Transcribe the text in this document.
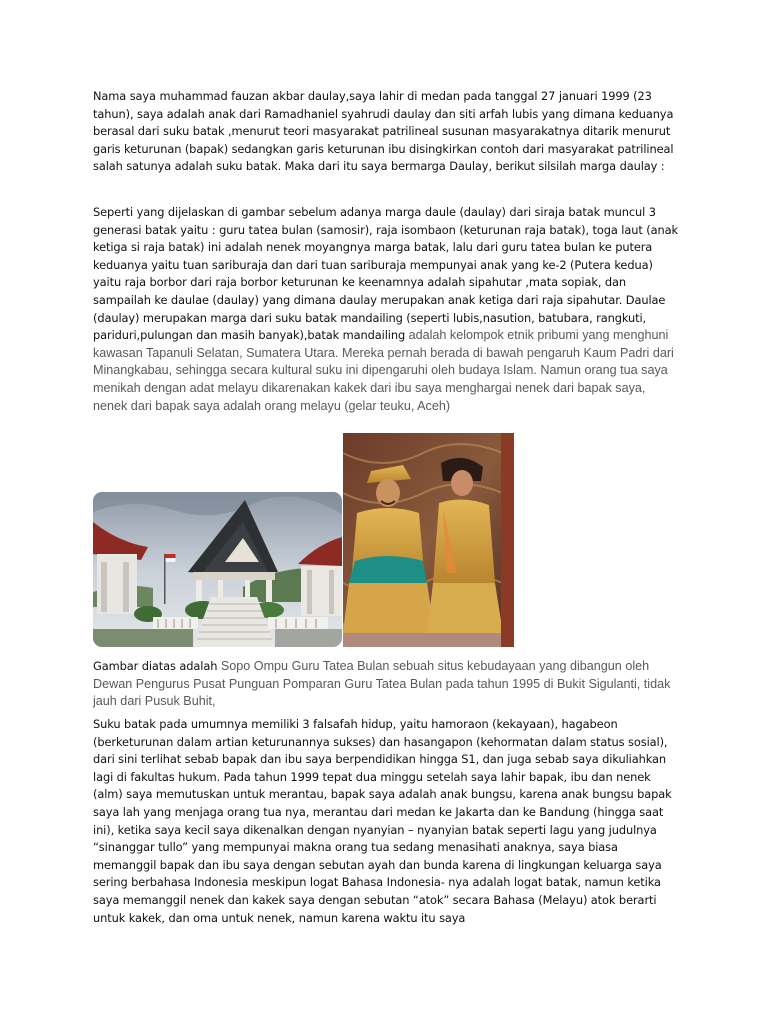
Nama saya muhammad fauzan akbar daulay,saya lahir di medan pada tanggal 27 januari 1999 (23 tahun), saya adalah anak dari Ramadhaniel syahrudi daulay dan siti arfah lubis yang dimana keduanya berasal dari suku batak ,menurut teori masyarakat patrilineal susunan masyarakatnya ditarik menurut garis keturunan (bapak) sedangkan garis keturunan ibu disingkirkan contoh dari masyarakat patrilineal salah satunya adalah suku batak. Maka dari itu saya bermarga Daulay, berikut silsilah marga daulay :

Seperti yang dijelaskan di gambar sebelum adanya marga daule (daulay) dari siraja batak muncul 3 generasi batak yaitu : guru tatea bulan (samosir), raja isombaon (keturunan raja batak), toga laut (anak ketiga si raja batak) ini adalah nenek moyangnya marga batak, lalu dari guru tatea bulan ke putera keduanya yaitu tuan sariburaja dan dari tuan sariburaja mempunyai anak yang ke-2 (Putera kedua) yaitu raja borbor dari raja borbor keturunan ke keenamnya adalah sipahutar ,mata sopiak, dan sampailah ke daulae (daulay) yang dimana daulay merupakan anak ketiga dari raja sipahutar. Daulae (daulay) merupakan marga dari suku batak mandailing (seperti lubis,nasution, batubara, rangkuti, pariduri,pulungan dan masih banyak),batak mandailing adalah kelompok etnik pribumi yang menghuni kawasan Tapanuli Selatan, Sumatera Utara. Mereka pernah berada di bawah pengaruh Kaum Padri dari Minangkabau, sehingga secara kultural suku ini dipengaruhi oleh budaya Islam. Namun orang tua saya menikah dengan adat melayu dikarenakan kakek dari ibu saya menghargai nenek dari bapak saya, nenek dari bapak saya adalah orang melayu (gelar teuku, Aceh)

Gambar diatas adalah Sopo Ompu Guru Tatea Bulan sebuah situs kebudayaan yang dibangun oleh Dewan Pengurus Pusat Punguan Pomparan Guru Tatea Bulan pada tahun 1995 di Bukit Sigulanti, tidak jauh dari Pusuk Buhit,

Suku batak pada umumnya memiliki 3 falsafah hidup, yaitu hamoraon (kekayaan), hagabeon (berketurunan dalam artian keturunannya sukses) dan hasangapon (kehormatan dalam status sosial), dari sini terlihat sebab bapak dan ibu saya berpendidikan hingga S1, dan juga sebab saya dikuliahkan lagi di fakultas hukum. Pada tahun 1999 tepat dua minggu setelah saya lahir bapak, ibu dan nenek (alm) saya memutuskan untuk merantau, bapak saya adalah anak bungsu, karena anak bungsu bapak saya lah yang menjaga orang tua nya, merantau dari medan ke Jakarta dan ke Bandung (hingga saat ini), ketika saya kecil saya dikenalkan dengan nyanyian – nyanyian batak seperti lagu yang judulnya “sinanggar tullo” yang mempunyai makna orang tua sedang menasihati anaknya, saya biasa memanggil bapak dan ibu saya dengan sebutan ayah dan bunda karena di lingkungan keluarga saya sering berbahasa Indonesia meskipun logat Bahasa Indonesia- nya adalah logat batak, namun ketika saya memanggil nenek dan kakek saya dengan sebutan “atok” secara Bahasa (Melayu) atok berarti untuk kakek, dan oma untuk nenek, namun karena waktu itu saya
